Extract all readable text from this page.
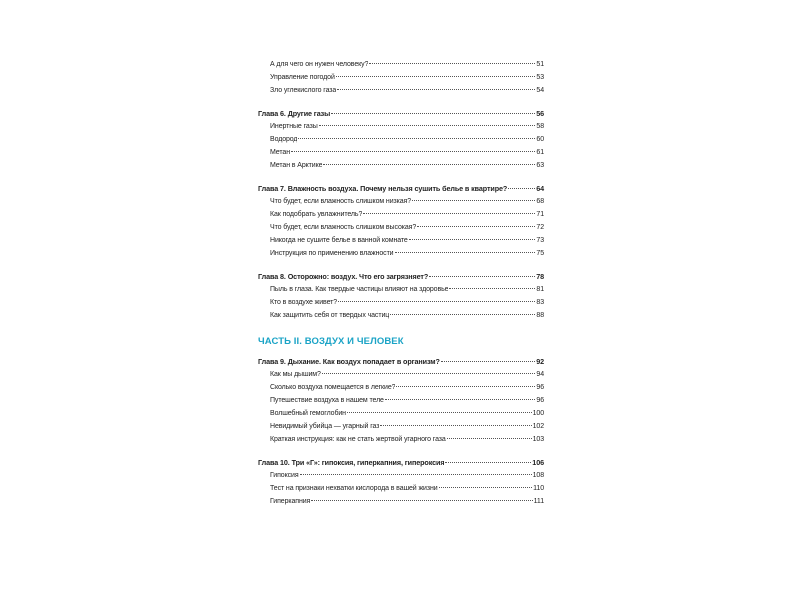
А для чего он нужен человеку?	51
Управление погодой	53
Зло углекислого газа	54
Глава 6. Другие газы	56
Инертные газы	58
Водород	60
Метан	61
Метан в Арктике	63
Глава 7. Влажность воздуха. Почему нельзя сушить белье в квартире?	64
Что будет, если влажность слишком низкая?	68
Как подобрать увлажнитель?	71
Что будет, если влажность слишком высокая?	72
Никогда не сушите белье в ванной комнате	73
Инструкция по применению влажности	75
Глава 8. Осторожно: воздух. Что его загрязняет?	78
Пыль в глаза. Как твердые частицы влияют на здоровье	81
Кто в воздухе живет?	83
Как защитить себя от твердых частиц	88
ЧАСТЬ II. ВОЗДУХ И ЧЕЛОВЕК
Глава 9. Дыхание. Как воздух попадает в организм?	92
Как мы дышим?	94
Сколько воздуха помещается в легкие?	96
Путешествие воздуха в нашем теле	96
Волшебный гемоглобин	100
Невидимый убийца — угарный газ	102
Краткая инструкция: как не стать жертвой угарного газа	103
Глава 10. Три «Г»: гипоксия, гиперкапния, гипероксия	106
Гипоксия	108
Тест на признаки нехватки кислорода в вашей жизни	110
Гиперкапния	111
